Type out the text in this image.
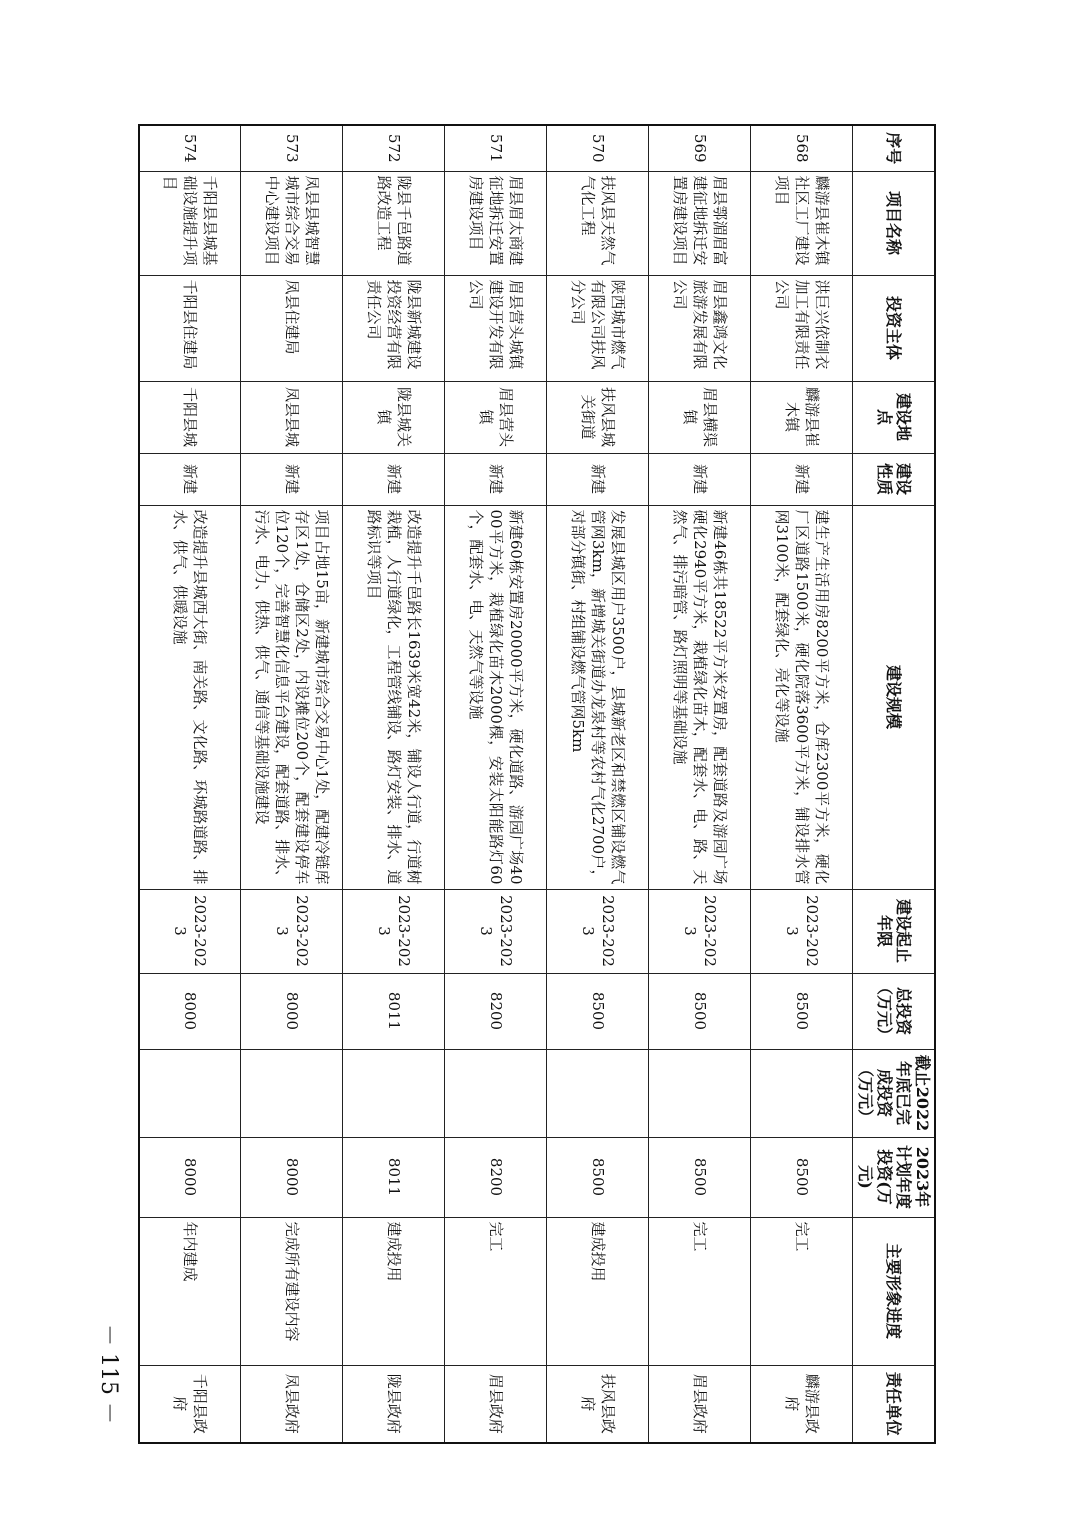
序号	项目名称	投资主体	建设地点	建设性质	建设规模	建设起止年限	总投资（万元）	截止2022年底已完成投资（万元）	2023年计划年度投资(万元)	主要形象进度	责任单位
568	麟游县崔木镇社区工厂建设项目	洪巨兴依制衣加工有限责任公司	麟游县崔木镇	新建	建生产生活用房8200平方米，仓库2300平方米，硬化厂区道路1500米，硬化院落3600平方米，铺设排水管网3100米，配套绿化、亮化等设施	2023-2023	8500		8500	完工	麟游县政府
569	眉县鄠湄眉富建征地拆迁安置房建设项目	眉县鑫鸿文化旅游发展有限公司	眉县横渠镇	新建	新建46栋共18522平方米安置房，配套道路及游园广场硬化2940平方米，栽植绿化苗木，配套水、电、路、天然气、排污暗管、路灯照明等基础设施	2023-2023	8500		8500	完工	眉县政府
570	扶风县天然气气化工程	陕西城市燃气有限公司扶风分公司	扶风县城关街道	新建	发展县城区用户3500户，县城新老区和禁燃区铺设燃气管网3km，新增城关街道办龙泉村等农村气化2700户，对部分镇街、村组铺设燃气管网5km	2023-2023	8500		8500	建成投用	扶风县政府
571	眉县眉太商建征地拆迁安置房建设项目	眉县营头城镇建设开发有限公司	眉县营头镇	新建	新建60栋安置房20000平方米，硬化道路、游园广场4000平方米，栽植绿化苗木2000棵，安装太阳能路灯60个，配套水、电、天然气等设施	2023-2023	8200		8200	完工	眉县政府
572	陇县千邑路道路改造工程	陇县新城建设投资经营有限责任公司	陇县城关镇	新建	改造提升千邑路长1639米宽42米，铺设人行道，行道树栽植，人行道绿化，工程管线铺设、路灯安装、排水、道路标识等项目	2023-2023	8011		8011	建成投用	陇县政府
573	凤县县城智慧城市综合交易中心建设项目	凤县住建局	凤县县城	新建	项目占地15亩，新建城市综合交易中心1处，配建冷链库存区1处，仓储区2处，内设摊位200个，配套建设停车位120个，完善智慧化信息平台建设，配套道路、排水、污水、电力、供热、供气、通信等基础设施建设	2023-2023	8000		8000	完成所有建设内容	凤县政府
574	千阳县县城基础设施提升项目	千阳县住建局	千阳县城	新建	改造提升县城西大街、南关路、文化路、环城路道路、排水、供气、供暖设施	2023-2023	8000		8000	年内建成	千阳县政府
－ 115 －
